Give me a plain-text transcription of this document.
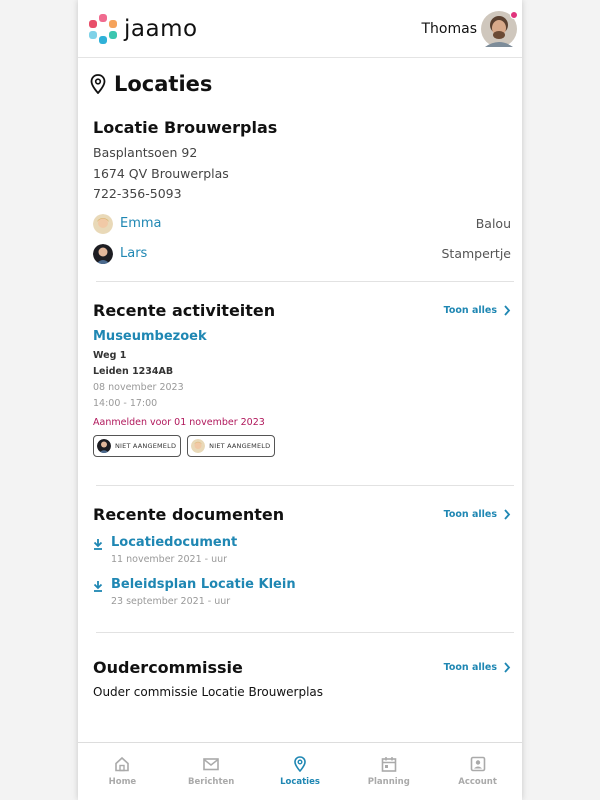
jaamo	Thomas
Locaties
Locatie Brouwerplas
Basplantsoen 92
1674 QV Brouwerplas
722-356-5093
Emma	Balou
Lars	Stampertje
Recente activiteiten	Toon alles
Museumbezoek
Weg 1
Leiden 1234AB
08 november 2023
14:00 - 17:00
Aanmelden voor 01 november 2023
NIET AANGEMELD	NIET AANGEMELD
Recente documenten	Toon alles
Locatiedocument
11 november 2021 - uur
Beleidsplan Locatie Klein
23 september 2021 - uur
Oudercommissie	Toon alles
Ouder commissie Locatie Brouwerplas
Home	Berichten	Locaties	Planning	Account
